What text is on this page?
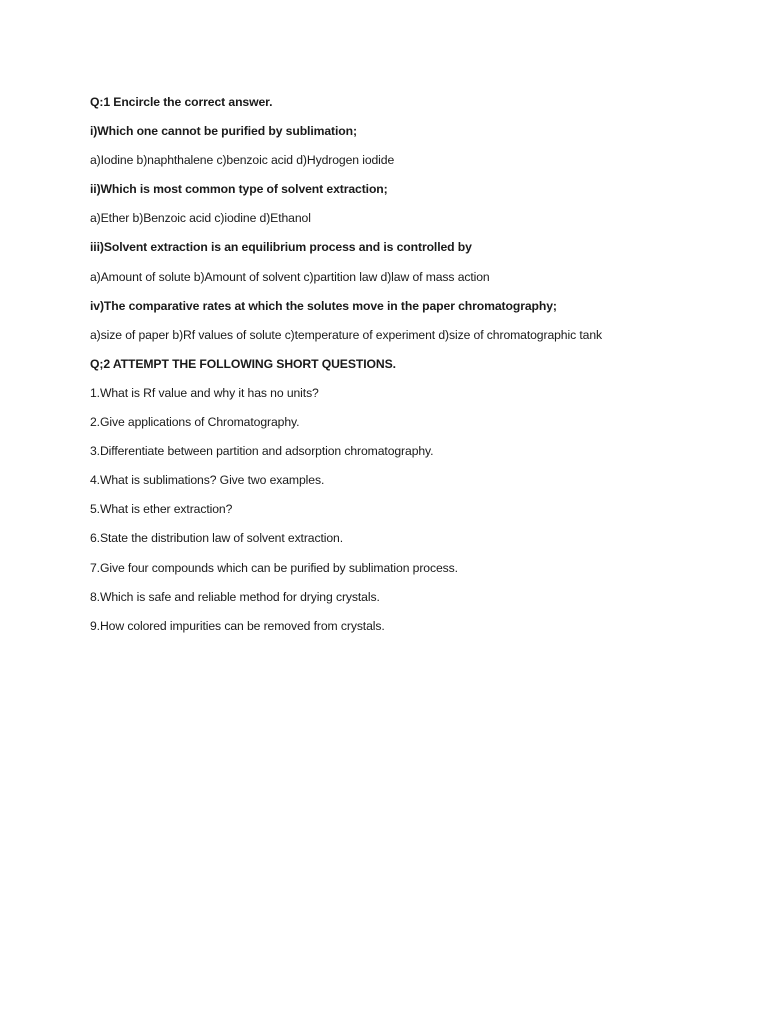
Q:1 Encircle the correct answer.
i)Which one cannot be purified by sublimation;
a)Iodine b)naphthalene c)benzoic acid d)Hydrogen iodide
ii)Which is most common type of solvent extraction;
a)Ether b)Benzoic acid c)iodine d)Ethanol
iii)Solvent extraction is an equilibrium process and is controlled by
a)Amount of solute b)Amount of solvent c)partition law d)law of mass action
iv)The comparative rates at which the solutes move in the paper chromatography;
a)size of paper b)Rf values of solute c)temperature of experiment d)size of chromatographic tank
Q;2 ATTEMPT THE FOLLOWING SHORT QUESTIONS.
1.What is Rf value and why it has no units?
2.Give applications of Chromatography.
3.Differentiate between partition and adsorption chromatography.
4.What is sublimations? Give two examples.
5.What is ether extraction?
6.State the distribution law of solvent extraction.
7.Give four compounds which can be purified by sublimation process.
8.Which is safe and reliable method for drying crystals.
9.How colored impurities can be removed from crystals.
